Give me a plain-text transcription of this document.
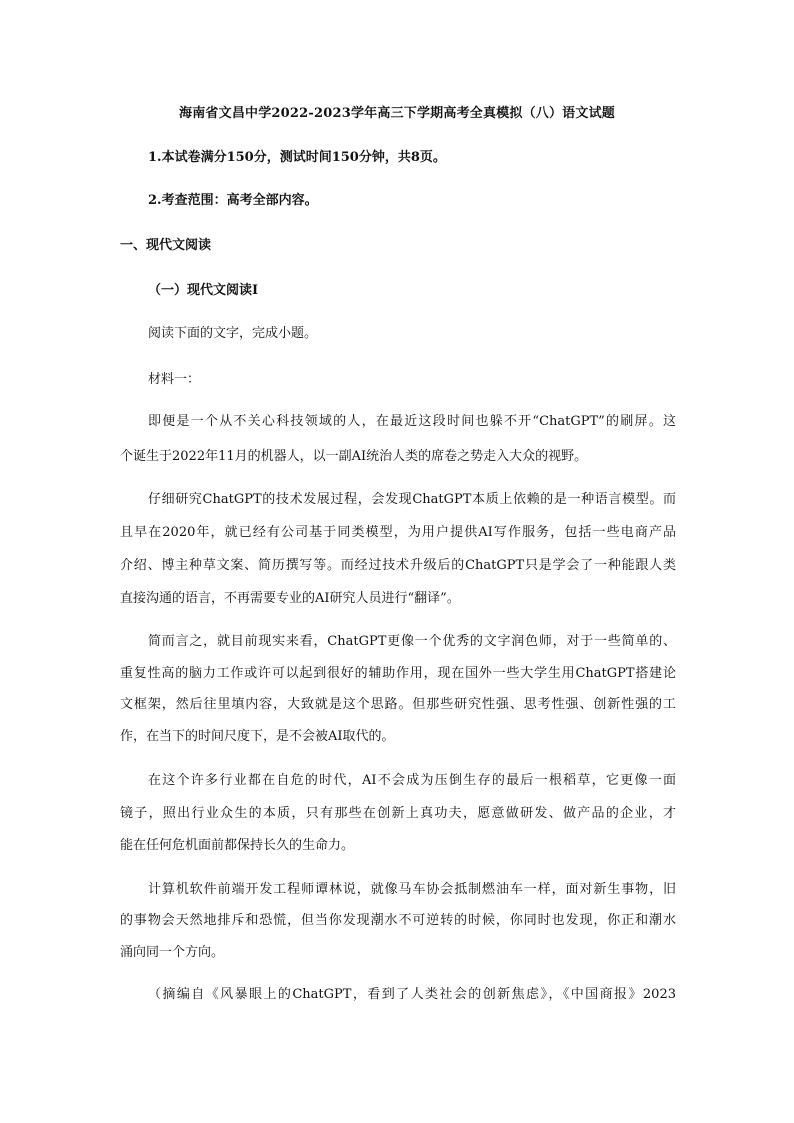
海南省文昌中学2022-2023学年高三下学期高考全真模拟（八）语文试题
1.本试卷满分150分，测试时间150分钟，共8页。
2.考查范围：高考全部内容。
一、现代文阅读
（一）现代文阅读Ⅰ
阅读下面的文字，完成小题。
材料一：
即便是一个从不关心科技领域的人，在最近这段时间也躲不开“ChatGPT”的刷屏。这
个诞生于2022年11月的机器人，以一副AI统治人类的席卷之势走入大众的视野。
仔细研究ChatGPT的技术发展过程，会发现ChatGPT本质上依赖的是一种语言模型。而
且早在2020年，就已经有公司基于同类模型，为用户提供AI写作服务，包括一些电商产品
介绍、博主种草文案、简历撰写等。而经过技术升级后的ChatGPT只是学会了一种能跟人类
直接沟通的语言，不再需要专业的AI研究人员进行“翻译”。
简而言之，就目前现实来看，ChatGPT更像一个优秀的文字润色师，对于一些简单的、
重复性高的脑力工作或许可以起到很好的辅助作用，现在国外一些大学生用ChatGPT搭建论
文框架，然后往里填内容，大致就是这个思路。但那些研究性强、思考性强、创新性强的工
作，在当下的时间尺度下，是不会被AI取代的。
在这个许多行业都在自危的时代，AI不会成为压倒生存的最后一根稻草，它更像一面
镜子，照出行业众生的本质，只有那些在创新上真功夫，愿意做研发、做产品的企业，才
能在任何危机面前都保持长久的生命力。
计算机软件前端开发工程师谭林说，就像马车协会抵制燃油车一样，面对新生事物，旧
的事物会天然地排斥和恐慌，但当你发现潮水不可逆转的时候，你同时也发现，你正和潮水
涌向同一个方向。
（摘编自《风暴眼上的ChatGPT，看到了人类社会的创新焦虑》，《中国商报》2023
